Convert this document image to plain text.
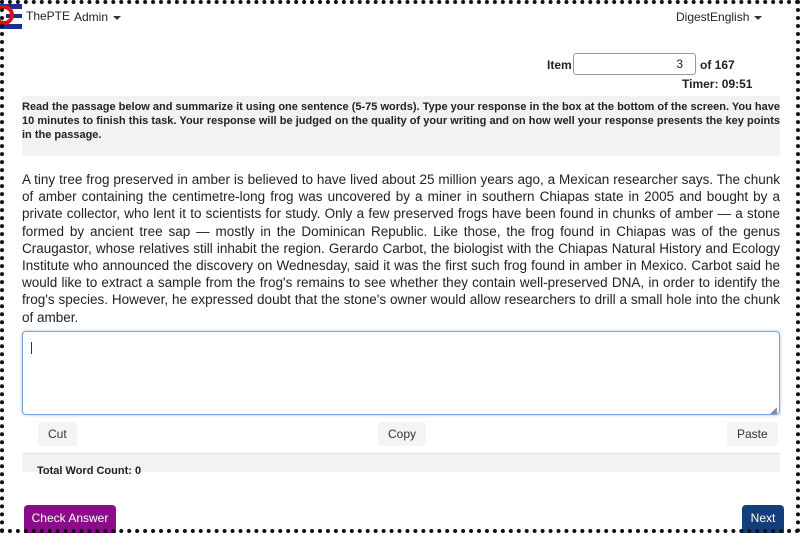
ThePTE Admin	DigestEnglish
Item
3	of 167
Timer: 09:51
Read the passage below and summarize it using one sentence (5-75 words). Type your response in the box at the bottom of the screen. You have 10 minutes to finish this task. Your response will be judged on the quality of your writing and on how well your response presents the key points in the passage.
A tiny tree frog preserved in amber is believed to have lived about 25 million years ago, a Mexican researcher says. The chunk of amber containing the centimetre-long frog was uncovered by a miner in southern Chiapas state in 2005 and bought by a private collector, who lent it to scientists for study. Only a few preserved frogs have been found in chunks of amber — a stone formed by ancient tree sap — mostly in the Dominican Republic. Like those, the frog found in Chiapas was of the genus Craugastor, whose relatives still inhabit the region. Gerardo Carbot, the biologist with the Chiapas Natural History and Ecology Institute who announced the discovery on Wednesday, said it was the first such frog found in amber in Mexico. Carbot said he would like to extract a sample from the frog's remains to see whether they contain well-preserved DNA, in order to identify the frog's species. However, he expressed doubt that the stone's owner would allow researchers to drill a small hole into the chunk of amber.
◢
Cut	Copy	Paste
Total Word Count: 0
Check Answer	Next
